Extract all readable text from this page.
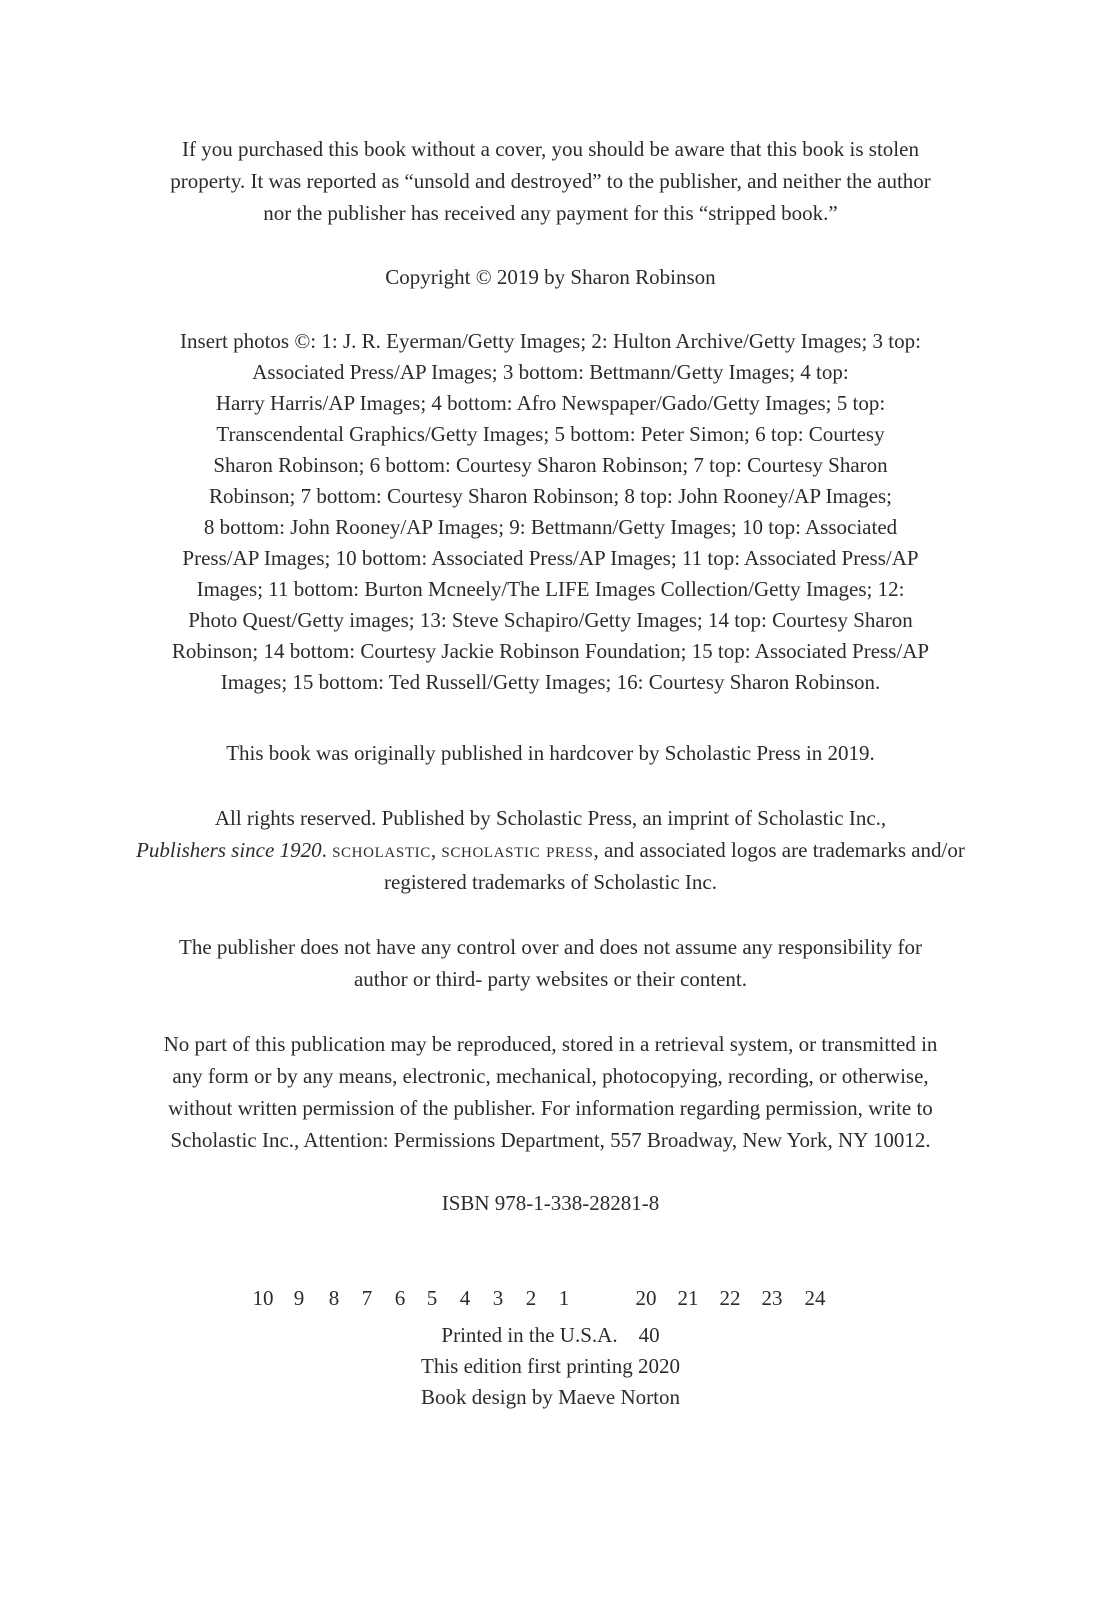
If you purchased this book without a cover, you should be aware that this book is stolen
property. It was reported as “unsold and destroyed” to the publisher, and neither the author
nor the publisher has received any payment for this “stripped book.”

Copyright © 2019 by Sharon Robinson

Insert photos ©: 1: J. R. Eyerman/Getty Images; 2: Hulton Archive/Getty Images; 3 top:
Associated Press/AP Images; 3 bottom: Bettmann/Getty Images; 4 top:
Harry Harris/AP Images; 4 bottom: Afro Newspaper/Gado/Getty Images; 5 top:
Transcendental Graphics/Getty Images; 5 bottom: Peter Simon; 6 top: Courtesy
Sharon Robinson; 6 bottom: Courtesy Sharon Robinson; 7 top: Courtesy Sharon
Robinson; 7 bottom: Courtesy Sharon Robinson; 8 top: John Rooney/AP Images;
8 bottom: John Rooney/AP Images; 9: Bettmann/Getty Images; 10 top: Associated
Press/AP Images; 10 bottom: Associated Press/AP Images; 11 top: Associated Press/AP
Images; 11 bottom: Burton Mcneely/The LIFE Images Collection/Getty Images; 12:
Photo Quest/Getty images; 13: Steve Schapiro/Getty Images; 14 top: Courtesy Sharon
Robinson; 14 bottom: Courtesy Jackie Robinson Foundation; 15 top: Associated Press/AP
Images; 15 bottom: Ted Russell/Getty Images; 16: Courtesy Sharon Robinson.

This book was originally published in hardcover by Scholastic Press in 2019.

All rights reserved. Published by Scholastic Press, an imprint of Scholastic Inc.,
Publishers since 1920. scholastic, scholastic press, and associated logos are trademarks and/or
registered trademarks of Scholastic Inc.

The publisher does not have any control over and does not assume any responsibility for
author or third- party websites or their content.

No part of this publication may be reproduced, stored in a retrieval system, or transmitted in
any form or by any means, electronic, mechanical, photocopying, recording, or otherwise,
without written permission of the publisher. For information regarding permission, write to
Scholastic Inc., Attention: Permissions Department, 557 Broadway, New York, NY 10012.

ISBN 978-1-338-28281-8

10 9 8 7 6 5 4 3 2 1	20 21 22 23 24

Printed in the U.S.A.    40
This edition first printing 2020
Book design by Maeve Norton
